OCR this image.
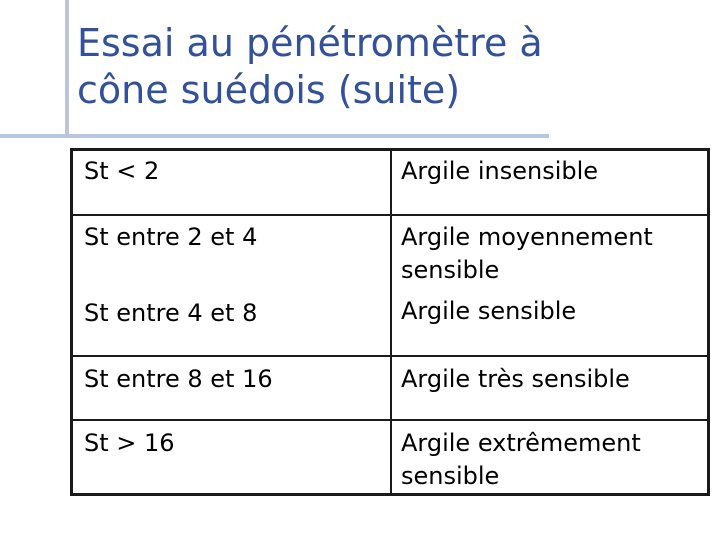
Essai au pénétromètre à
cône suédois (suite)
St < 2	Argile insensible
St entre 2 et 4	Argile moyennement
sensible
St entre 4 et 8	Argile sensible
St entre 8 et 16	Argile très sensible
St > 16	Argile extrêmement
sensible
